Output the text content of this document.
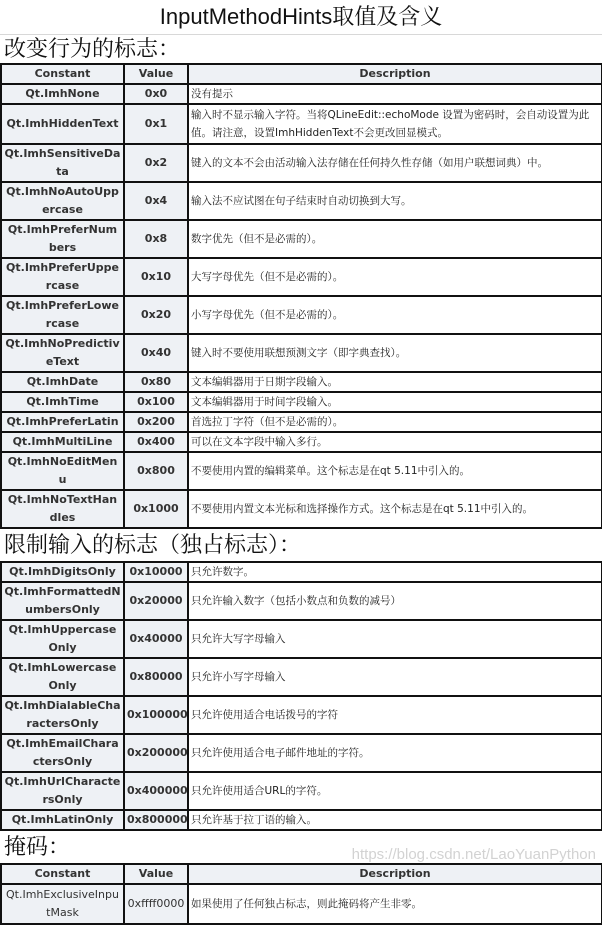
InputMethodHints取值及含义
改变行为的标志：
Constant	Value	Description
Qt.ImhNone	0x0	没有提示
Qt.ImhHiddenText	0x1	输入时不显示输入字符。当将QLineEdit::echoMode 设置为密码时，会自动设置为此值。请注意，设置ImhHiddenText不会更改回显模式。
Qt.ImhSensitiveData	0x2	键入的文本不会由活动输入法存储在任何持久性存储（如用户联想词典）中。
Qt.ImhNoAutoUppercase	0x4	输入法不应试图在句子结束时自动切换到大写。
Qt.ImhPreferNumbers	0x8	数字优先（但不是必需的）。
Qt.ImhPreferUppercase	0x10	大写字母优先（但不是必需的）。
Qt.ImhPreferLowercase	0x20	小写字母优先（但不是必需的）。
Qt.ImhNoPredictiveText	0x40	键入时不要使用联想预测文字（即字典查找）。
Qt.ImhDate	0x80	文本编辑器用于日期字段输入。
Qt.ImhTime	0x100	文本编辑器用于时间字段输入。
Qt.ImhPreferLatin	0x200	首选拉丁字符（但不是必需的）。
Qt.ImhMultiLine	0x400	可以在文本字段中输入多行。
Qt.ImhNoEditMenu	0x800	不要使用内置的编辑菜单。这个标志是在qt 5.11中引入的。
Qt.ImhNoTextHandles	0x1000	不要使用内置文本光标和选择操作方式。这个标志是在qt 5.11中引入的。
限制输入的标志（独占标志）：
Qt.ImhDigitsOnly	0x10000	只允许数字。
Qt.ImhFormattedNumbersOnly	0x20000	只允许输入数字（包括小数点和负数的减号）
Qt.ImhUppercaseOnly	0x40000	只允许大写字母输入
Qt.ImhLowercaseOnly	0x80000	只允许小写字母输入
Qt.ImhDialableCharactersOnly	0x100000	只允许使用适合电话拨号的字符
Qt.ImhEmailCharactersOnly	0x200000	只允许使用适合电子邮件地址的字符。
Qt.ImhUrlCharactersOnly	0x400000	只允许使用适合URL的字符。
Qt.ImhLatinOnly	0x800000	只允许基于拉丁语的输入。
掩码：
Constant	Value	Description
Qt.ImhExclusiveInputMask	0xffff0000	如果使用了任何独占标志，则此掩码将产生非零。
https://blog.csdn.net/LaoYuanPython
